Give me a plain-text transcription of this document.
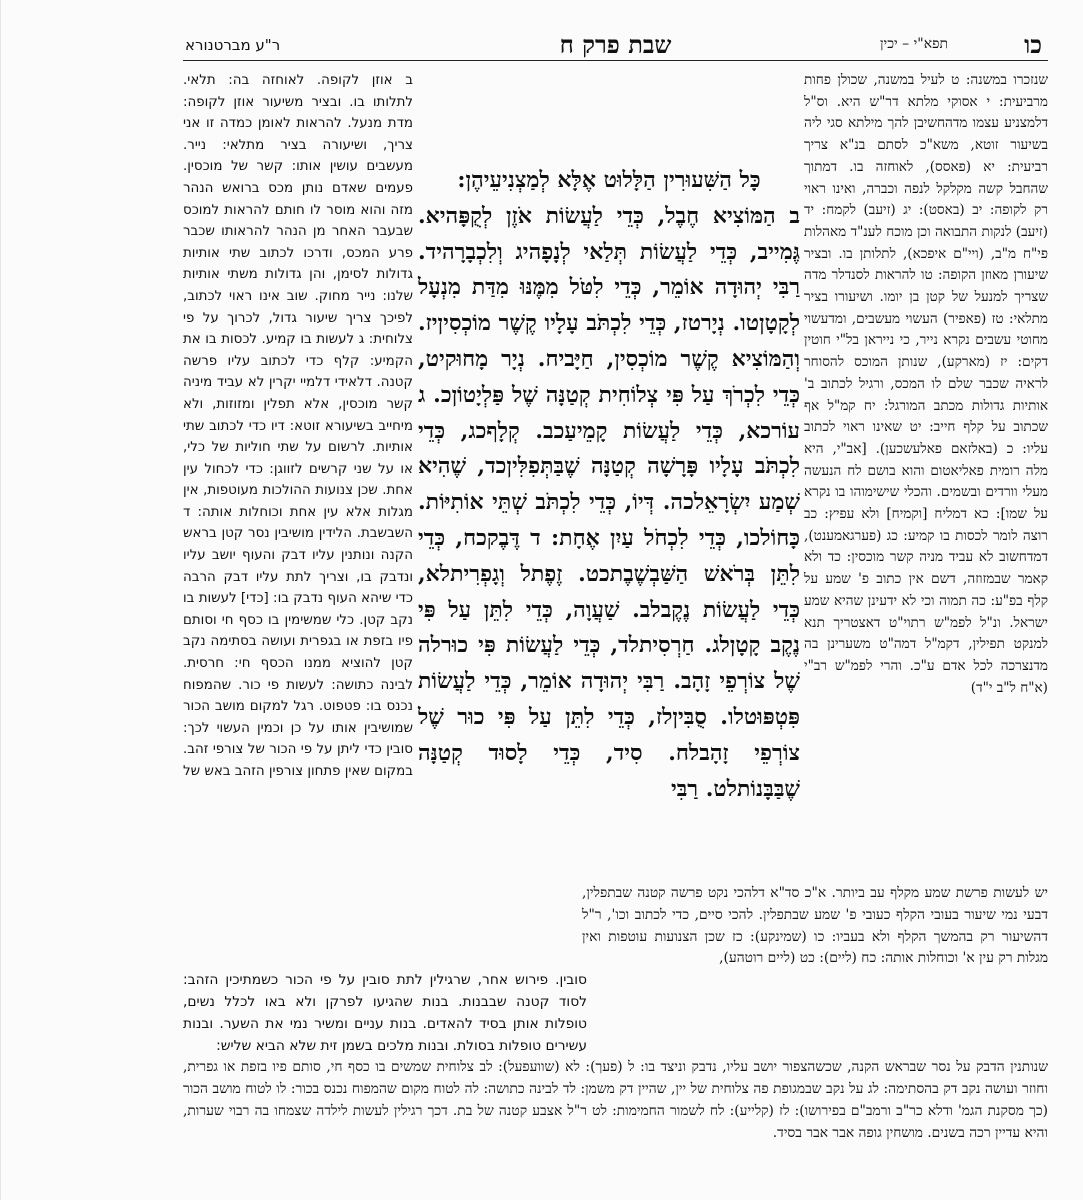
כו
תפא"י – יכין
שבת פרק ח
ר"ע מברטנורא

שנזכרו במשנה: ט לעיל במשנה, שכולן פחות מרביעית: י אסוקי מלתא דר"ש היא. וס"ל דלמצניע עצמו מדהחשיבן להך מילתא סגי ליה בשיעור זוטא, משא"כ לסתם בנ"א צריך רביעית: יא (פאסס), לאוחזה בו. דמתוך שהחבל קשה מקלקל לנפה וכברה, ואינו ראוי רק לקופה: יב (באסט): יג (זיעב) לקמח: יד (זיעב) לנקות התבואה וכן מוכח לענ"ד מאהלות פי"ח מ"ב, (ויי"ם איפכא), לתלותן בו. ובציר שיעורן מאוזן הקופה: טו להראות לסנדלר מדה שצריך למנעל של קטן בן יומו. ושיעורו בציר מתלאי: טז (פאפיר) העשוי מעשבים, ומדעשוי מחוטי עשבים נקרא נייר, כי נייראן בל"י חוטין דקים: יז (מארקע), שנותן המוכס להסוחר לראיה שכבר שלם לו המכס, ורגיל לכתוב ב' אותיות גדולות מכתב המורגל: יח קמ"ל אף שכתוב על קלף חייב: יט שאינו ראוי לכתוב עליו: כ (באלזאם פאלעשכען). [אב"י, היא מלה רומית פאליאטום והוא בושם לח הנעשה מעלי וורדים ובשמים. והכלי שישימוהו בו נקרא על שמו]: כא דמליח [וקמיח] ולא עפיץ: כב רוצה לומר לכסות בו קמיע: כג (פערגאמענט), דמדחשוב לא עביד מניה קשר מוכסין: כד ולא קאמר שבמזוזה, דשם אין כתוב פ' שמע על קלף בפ"ע: כה תמוה וכי לא ידעינן שהיא שמע ישראל. ונ"ל לפמ"ש רתוי"ט דאצטריך תנא למנקט תפילין, דקמ"ל דמה"ט משערינן בה מדנצרכה לכל אדם ע"כ. והרי לפמ"ש רב"י (א"ח ל"ב י"ד)

כָּל הַשִּׁעוּרִין הַלָּלוּט אֶלָּא לְמַצְנִיעֵיהֶן:
ב הַמּוֹצִיא חֶבֶל, כְּדֵי לַעֲשׂוֹת אֹזֶן לְקֻפָּהיא. גֶּמִייב, כְּדֵי לַעֲשׂוֹת תְּלַאי לְנָפָהיג וְלִכְבָרָהיד. רַבִּי יְהוּדָה אוֹמֵר, כְּדֵי לִטֹּל מִמֶּנּוּ מִדַּת מִנְעָל לְקָטָןטו. נְיָרטז, כְּדֵי לִכְתֹּב עָלָיו קֶשֶׁר מוֹכְסִיןיז. וְהַמּוֹצִיא קֶשֶׁר מוֹכְסִין, חַיָּביח. נְיָר מָחוּקיט, כְּדֵי לִכְרֹךְ עַל פִּי צְלוֹחִית קְטַנָּה שֶׁל פַּלְיָטוֹןכ. ג עוֹרכא, כְּדֵי לַעֲשׂוֹת קָמֵיעַכב. קְלָףכג, כְּדֵי לִכְתֹּב עָלָיו פָּרָשָׁה קְטַנָּה שֶׁבַּתְּפִלִּיןכד, שֶׁהִיא שְׁמַע יִשְׂרָאֵלכה. דְּיוֹ, כְּדֵי לִכְתֹּב שְׁתֵּי אוֹתִיּוֹת. כָּחוֹלכו, כְּדֵי לִכְחֹל עַיִן אֶחָת: ד דֶּבֶקכח, כְּדֵי לִתֵּן בְּרֹאשׁ הַשַּׁבְשֶׁבֶתכט. זֶפֶתל וְגָפְרִיתלא, כְּדֵי לַעֲשׂוֹת נֶקֶבלב. שַׁעֲוָה, כְּדֵי לִתֵּן עַל פִּי נֶקֶב קָטָןלג. חַרְסִיתלד, כְּדֵי לַעֲשׂוֹת פִּי כוּרלה שֶׁל צוֹרְפֵי זָהָב. רַבִּי יְהוּדָה אוֹמֵר, כְּדֵי לַעֲשׂוֹת פִּטְפּוּטלו. סֻבִּיןלז, כְּדֵי לִתֵּן עַל פִּי כוּר שֶׁל צוֹרְפֵי זָהָבלח. סִיד, כְּדֵי לָסוּד קְטַנָּה שֶׁבַּבָּנוֹתלט. רַבִּי

ב אוזן לקופה. לאוחזה בה: תלאי. לתלותו בו. ובציר משיעור אוזן לקופה: מדת מנעל. להראות לאומן כמדה זו אני צריך, ושיעורה בציר מתלאי: נייר. מעשבים עושין אותו: קשר של מוכסין. פעמים שאדם נותן מכס ברואש הנהר מזה והוא מוסר לו חותם להראות למוכס שבעבר האחר מן הנהר להראותו שכבר פרע המכס, ודרכו לכתוב שתי אותיות גדולות לסימן, והן גדולות משתי אותיות שלנו: נייר מחוק. שוב אינו ראוי לכתוב, לפיכך צריך שיעור גדול, לכרוך על פי צלוחית: ג לעשות בו קמיע. לכסות בו את הקמיע: קלף כדי לכתוב עליו פרשה קטנה. דלאידי דלמיי יקרין לא עביד מיניה קשר מוכסין, אלא תפלין ומזוזות, ולא מיחייב בשיעורא זוטא: דיו כדי לכתוב שתי אותיות. לרשום על שתי חוליות של כלי, או על שני קרשים לזווגן: כדי לכחול עין אחת. שכן צנועות ההולכות מעוטפות, אין מגלות אלא עין אחת וכוחלות אותה: ד השבשבת. הלידין מושיבין נסר קטן בראש הקנה ונותנין עליו דבק והעוף יושב עליו ונדבק בו, וצריך לתת עליו דבק הרבה כדי שיהא העוף נדבק בו: [כדי] לעשות בו נקב קטן. כלי שמשימין בו כסף חי וסותם פיו בזפת או בגפרית ועושה בסתימה נקב קטן להוציא ממנו הכסף חי: חרסית. לבינה כתושה: לעשות פי כור. שהמפוח נכנס בו: פטפוט. רגל למקום מושב הכור שמושיבין אותו על כן וכמין העשוי לכך: סובין כדי ליתן על פי הכור של צורפי זהב. במקום שאין פתחון צורפין הזהב באש של

יש לעשות פרשת שמע מקלף עב ביותר. א"כ סד"א דלהכי נקט פרשה קטנה שבתפלין, דבעי נמי שיעור בעובי הקלף כעובי פ' שמע שבתפלין. להכי סיים, כדי לכתוב וכו', ר"ל דהשיעור רק בהמשך הקלף ולא בעביו: כו (שמינקע): כז שכן הצנועות עוטפות ואין מגלות רק עין א' וכוחלות אותה: כח (ליים): כט (ליים רוטהע),
סובין. פירוש אחר, שרגילין לתת סובין על פי הכור כשמתיכין הזהב: לסוד קטנה שבבנות. בנות שהגיעו לפרקן ולא באו לכלל נשים, טופלות אותן בסיד להאדים. בנות עניים ומשיר נמי את השער. ובנות עשירים טופלות בסולת. ובנות מלכים בשמן זית שלא הביא שליש:
שנותנין הדבק על נסר שבראש הקנה, שכשהצפור יושב עליו, נדבק וניצד בו: ל (פעך): לא (שוועפעל): לב צלוחית שמשים בו כסף חי, סותם פיו בזפת או גפרית, וחוזר ועושה נקב דק בהסתימה: לג על נקב שבמגופת פה צלוחית של יין, שהיין דק משמן: לד לבינה כתושה: לה לטוח מקום שהמפוח נכנס בכור: לו לטוח מושב הכור (כך מסקנת הגמ' ודלא כר"ב ורמב"ם בפירושו): לז (קלייע): לח לשמור החמימות: לט ר"ל אצבע קטנה של בת. דכך רגילין לעשות לילדה שצמחו בה רבוי שערות, והיא עדיין רכה בשנים. מושחין גופה אבר אבר בסיד.
